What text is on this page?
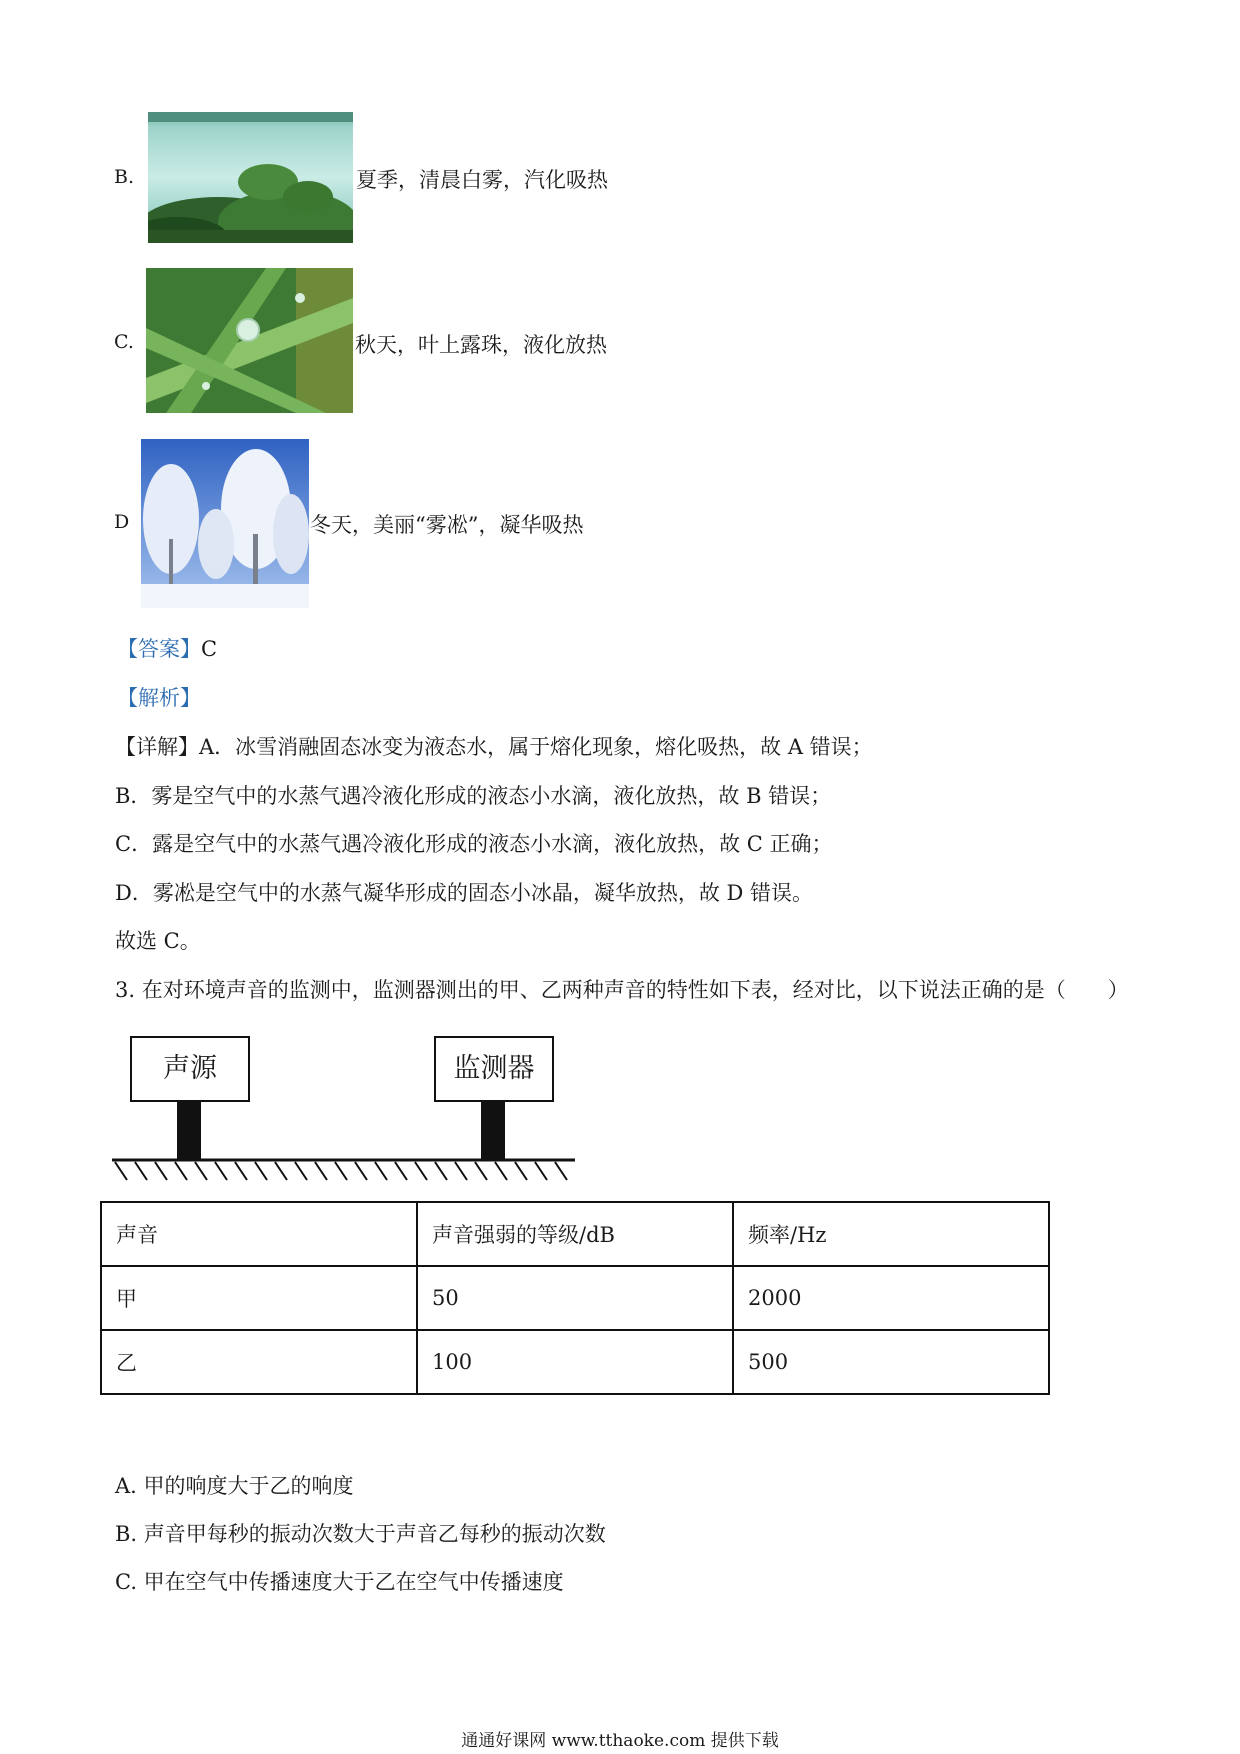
B.	夏季，清晨白雾，汽化吸热
C.	秋天，叶上露珠，液化放热
D	冬天，美丽“雾凇”，凝华吸热
【答案】C
【解析】
【详解】A．冰雪消融固态冰变为液态水，属于熔化现象，熔化吸热，故 A 错误；
B．雾是空气中的水蒸气遇冷液化形成的液态小水滴，液化放热，故 B 错误；
C．露是空气中的水蒸气遇冷液化形成的液态小水滴，液化放热，故 C 正确；
D．雾凇是空气中的水蒸气凝华形成的固态小冰晶，凝华放热，故 D 错误。
故选 C。
3. 在对环境声音的监测中，监测器测出的甲、乙两种声音的特性如下表，经对比，以下说法正确的是（　　）
声源	监测器
声音	声音强弱的等级/dB	频率/Hz
甲	50	2000
乙	100	500
A. 甲的响度大于乙的响度
B. 声音甲每秒的振动次数大于声音乙每秒的振动次数
C. 甲在空气中传播速度大于乙在空气中传播速度
通通好课网 www.tthaoke.com 提供下载
